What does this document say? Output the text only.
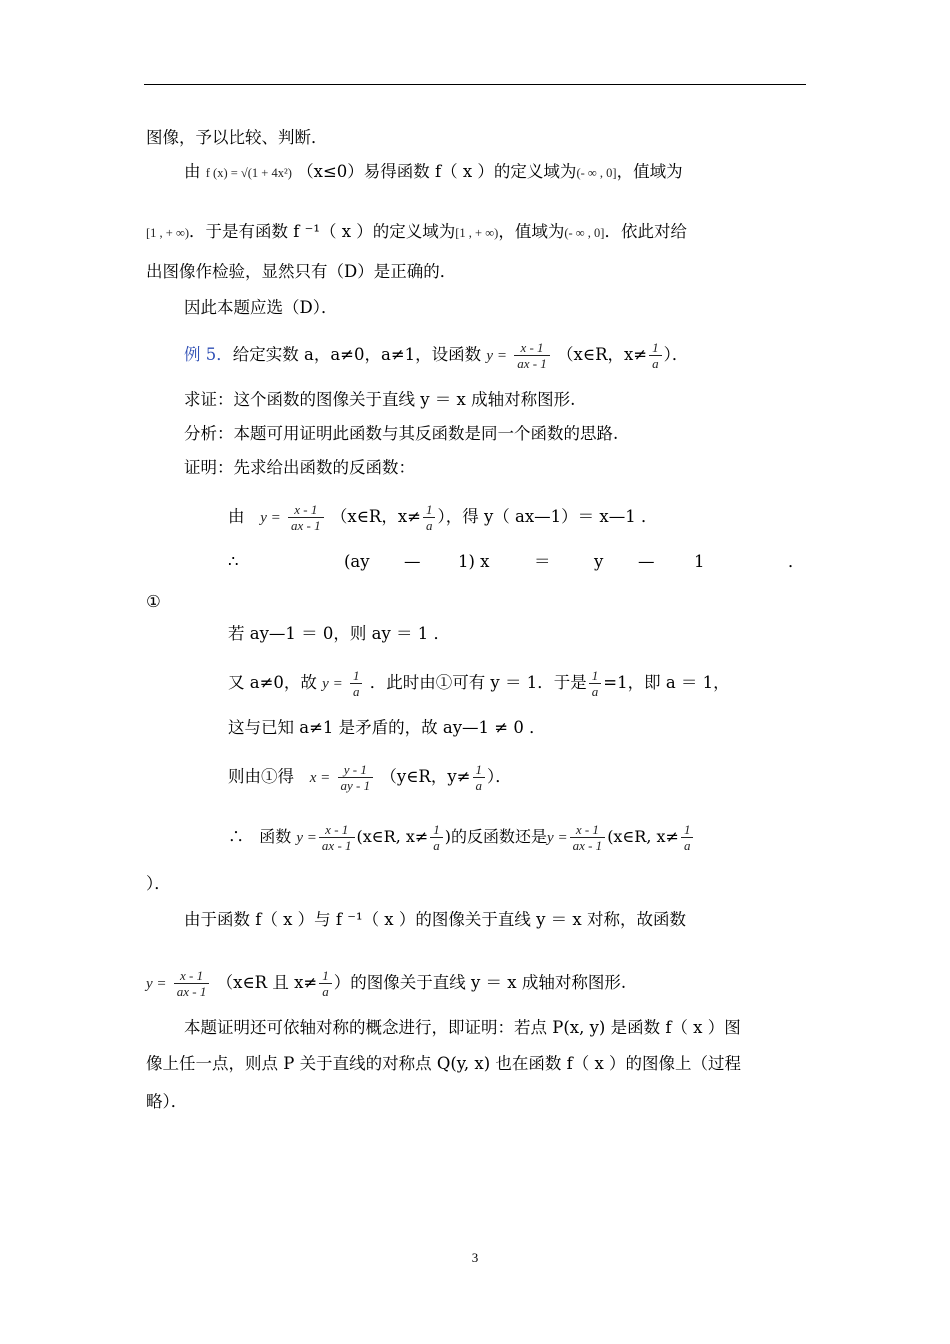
图像，予以比较、判断．
由 f (x) = √(1 + 4x²) （x≤0）易得函数 f（ x ）的定义域为(- ∞ , 0]，值域为
[1 , + ∞)．于是有函数 f ⁻¹（ x ）的定义域为[1 , + ∞)，值域为(- ∞ , 0]．依此对给
出图像作检验，显然只有（D）是正确的．
因此本题应选（D）．
例 5．给定实数 a，a≠0，a≠1，设函数 $y = \frac{x - 1}{ax - 1}$ （x∈R，$x\ne \frac{1}{a}$ ）．
求证：这个函数的图像关于直线 y ＝ x 成轴对称图形.
分析：本题可用证明此函数与其反函数是同一个函数的思路.
证明：先求给出函数的反函数：
由 $y = \frac{x - 1}{ax - 1}$ （x∈R，$x\ne \frac{1}{a}$ ），得 y（ ax—1）＝ x—1 ．
∴	(ay — 1) x	＝	y — 1	．
①
若 ay—1 ＝ 0，则 ay ＝ 1 ．
又 a≠0，故 $y = \frac{1}{a}$ ．此时由①可有 y ＝ 1．于是 $\frac{1}{a} =1$，即 a ＝ 1，
这与已知 a≠1 是矛盾的，故 ay—1 ≠ 0 ．
则由①得 $x = \frac{y - 1}{ay - 1}$ （y∈R，$y\ne \frac{1}{a}$ ）．
∴ 函数 $y = \frac{x - 1}{ax - 1}$ (x∈R, $x\ne \frac{1}{a}$ )的反函数还是$y = \frac{x - 1}{ax - 1}$ (x∈R, $x\ne \frac{1}{a}$
）．
由于函数 f（ x ）与 f ⁻¹（ x ）的图像关于直线 y ＝ x 对称，故函数
$y = \frac{x - 1}{ax - 1}$ （x∈R 且 $x\ne \frac{1}{a}$ ）的图像关于直线 y ＝ x 成轴对称图形.
本题证明还可依轴对称的概念进行，即证明：若点 P(x, y) 是函数 f（ x ）图
像上任一点，则点 P 关于直线的对称点 Q(y, x) 也在函数 f（ x ）的图像上（过程
略）．
3
